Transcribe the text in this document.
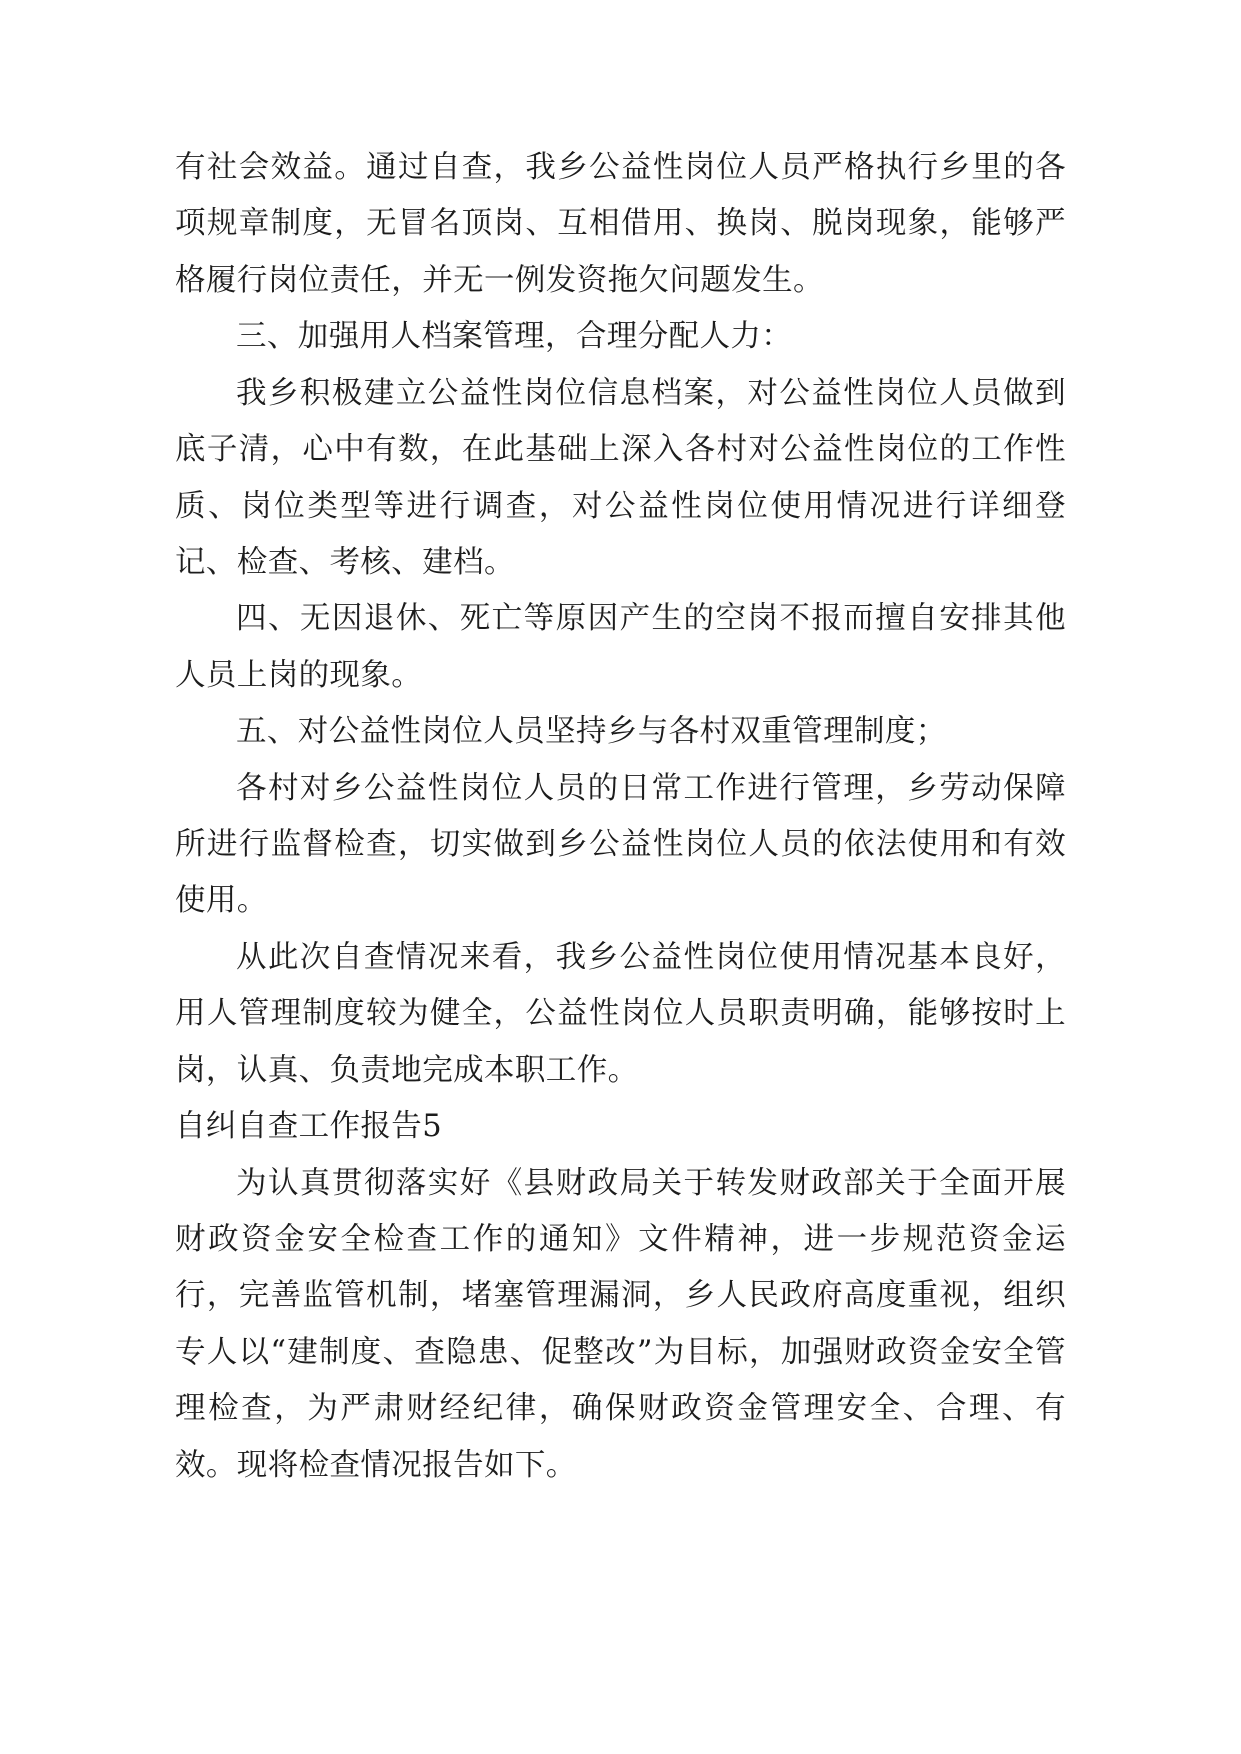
有社会效益。通过自查，我乡公益性岗位人员严格执行乡里的各项规章制度，无冒名顶岗、互相借用、换岗、脱岗现象，能够严格履行岗位责任，并无一例发资拖欠问题发生。

三、加强用人档案管理，合理分配人力：

我乡积极建立公益性岗位信息档案，对公益性岗位人员做到底子清，心中有数，在此基础上深入各村对公益性岗位的工作性质、岗位类型等进行调查，对公益性岗位使用情况进行详细登记、检查、考核、建档。

四、无因退休、死亡等原因产生的空岗不报而擅自安排其他人员上岗的现象。

五、对公益性岗位人员坚持乡与各村双重管理制度；

各村对乡公益性岗位人员的日常工作进行管理，乡劳动保障所进行监督检查，切实做到乡公益性岗位人员的依法使用和有效使用。

从此次自查情况来看，我乡公益性岗位使用情况基本良好，用人管理制度较为健全，公益性岗位人员职责明确，能够按时上岗，认真、负责地完成本职工作。

自纠自查工作报告5

为认真贯彻落实好《县财政局关于转发财政部关于全面开展财政资金安全检查工作的通知》文件精神，进一步规范资金运行，完善监管机制，堵塞管理漏洞，乡人民政府高度重视，组织专人以“建制度、查隐患、促整改”为目标，加强财政资金安全管理检查，为严肃财经纪律，确保财政资金管理安全、合理、有效。现将检查情况报告如下。
